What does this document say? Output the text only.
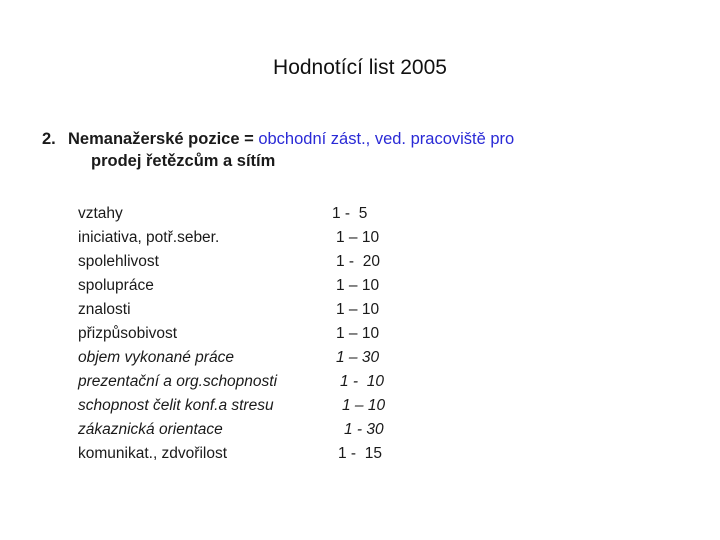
Hodnotící list 2005
2. Nemanažerské pozice = obchodní zást., ved. pracoviště pro
prodej řetězcům a sítím
vztahy	1 -  5
iniciativa, potř.seber.	1 – 10
spolehlivost	1 -  20
spolupráce	1 – 10
znalosti	1 – 10
přizpůsobivost	1 – 10
objem vykonané práce	1 – 30
prezentační a org.schopnosti	1 -  10
schopnost čelit konf.a stresu	1 – 10
zákaznická orientace	1 - 30
komunikat., zdvořilost	1 -  15
